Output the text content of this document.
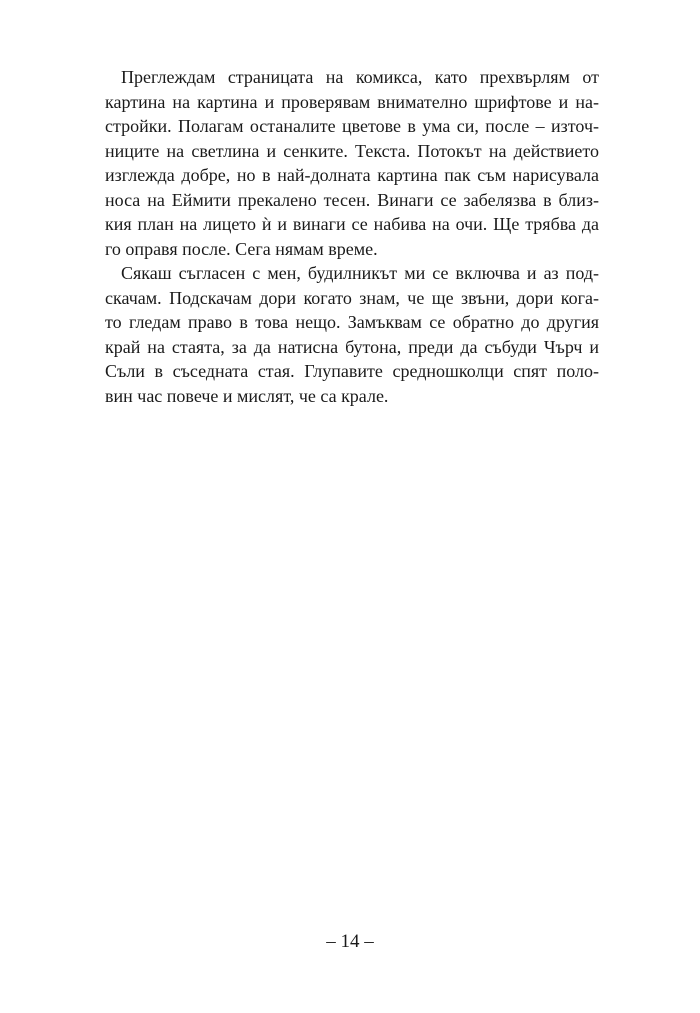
Преглеждам страницата на комикса, като прехвърлям от
картина на картина и проверявам внимателно шрифтове и на-
стройки. Полагам останалите цветове в ума си, после – източ-
ниците на светлина и сенките. Текста. Потокът на действието
изглежда добре, но в най-долната картина пак съм нарисувала
носа на Еймити прекалено тесен. Винаги се забелязва в близ-
кия план на лицето ѝ и винаги се набива на очи. Ще трябва да
го оправя после. Сега нямам време.

Сякаш съгласен с мен, будилникът ми се включва и аз под-
скачам. Подскачам дори когато знам, че ще звъни, дори кога-
то гледам право в това нещо. Замъквам се обратно до другия
край на стаята, за да натисна бутона, преди да събуди Чърч и
Съли в съседната стая. Глупавите средношколци спят поло-
вин час повече и мислят, че са крале.

– 14 –
